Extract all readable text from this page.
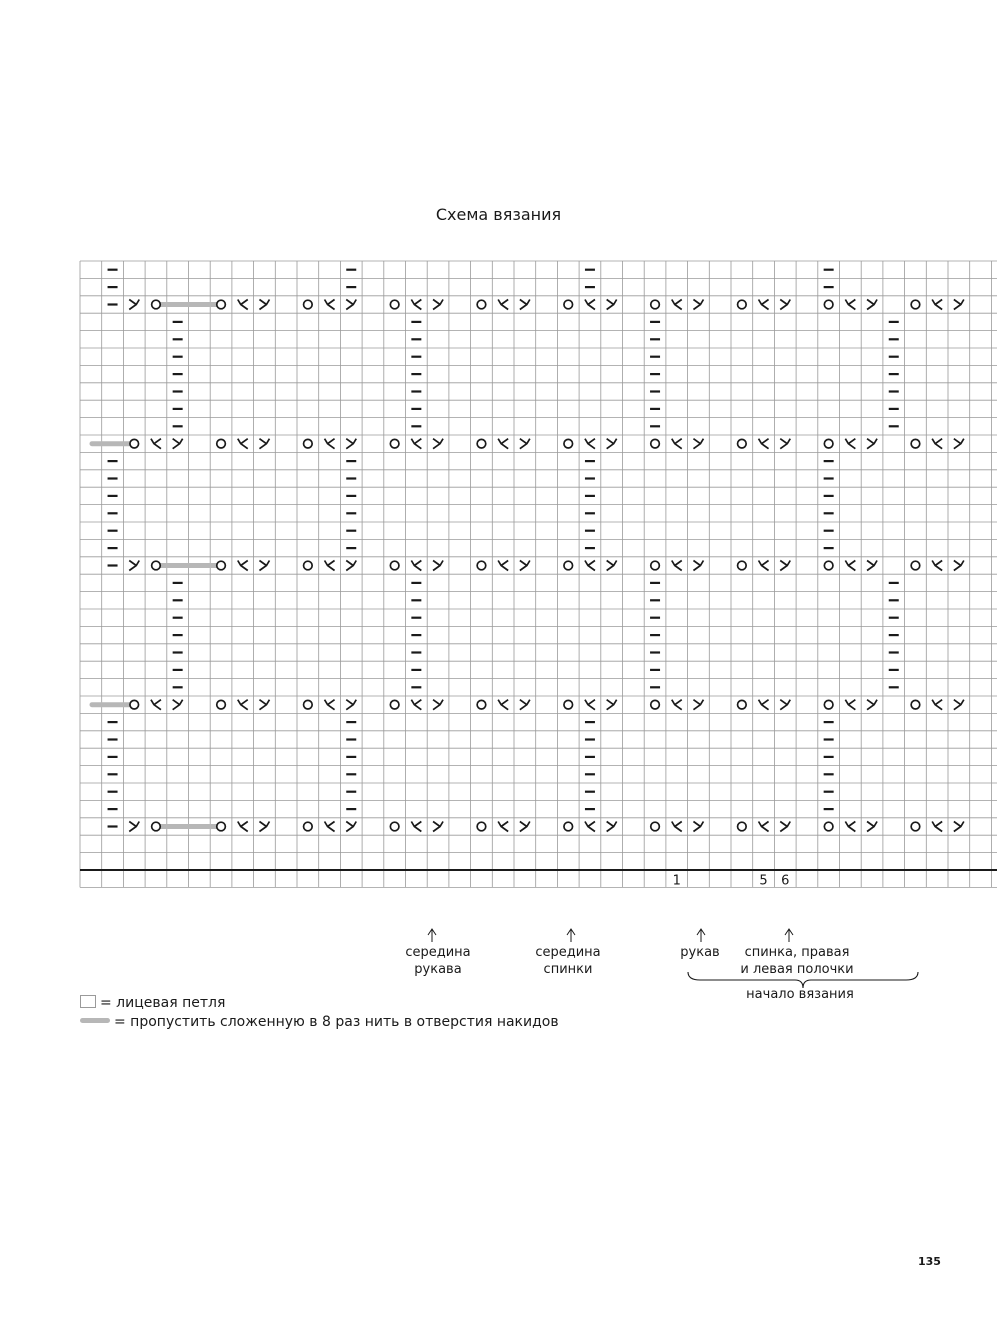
Схема вязания
6
5
1
середина
рукава
середина
спинки
рукав	спинка, правая
и левая полочки
начало вязания
= лицевая петля
= пропустить сложенную в 8 раз нить в отверстия накидов
135
